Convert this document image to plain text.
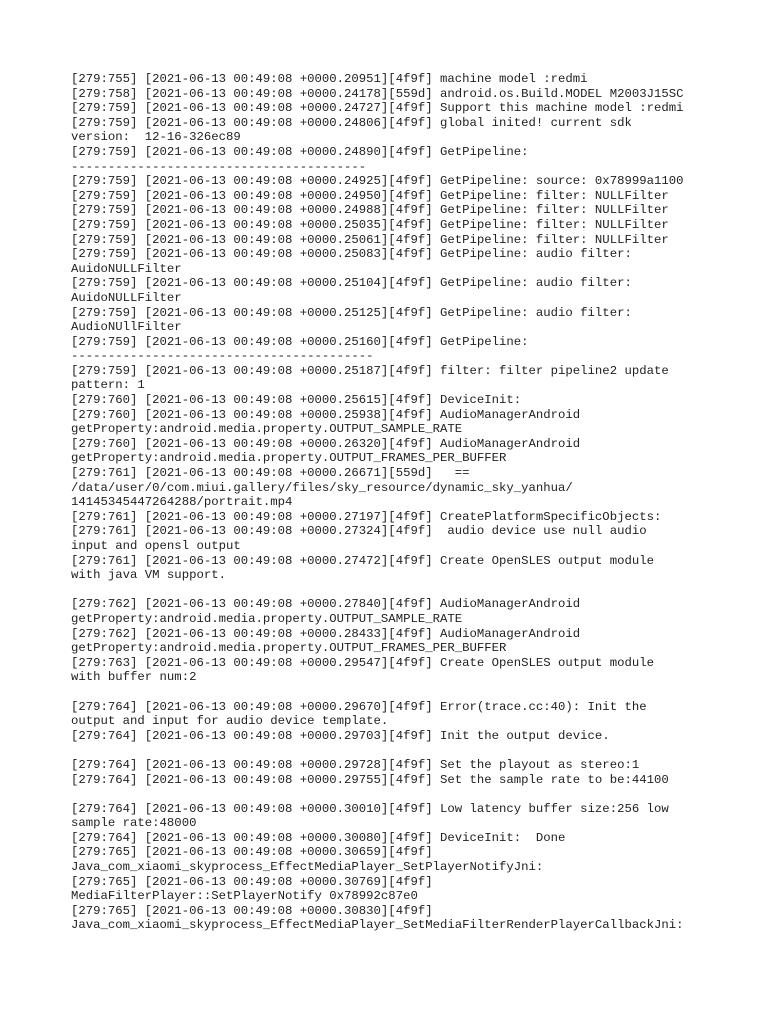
[279:755] [2021-06-13 00:49:08 +0000.20951][4f9f] machine model :redmi
[279:758] [2021-06-13 00:49:08 +0000.24178][559d] android.os.Build.MODEL M2003J15SC
[279:759] [2021-06-13 00:49:08 +0000.24727][4f9f] Support this machine model :redmi
[279:759] [2021-06-13 00:49:08 +0000.24806][4f9f] global inited! current sdk
version:  12-16-326ec89
[279:759] [2021-06-13 00:49:08 +0000.24890][4f9f] GetPipeline:
----------------------------------------
[279:759] [2021-06-13 00:49:08 +0000.24925][4f9f] GetPipeline: source: 0x78999a1100
[279:759] [2021-06-13 00:49:08 +0000.24950][4f9f] GetPipeline: filter: NULLFilter
[279:759] [2021-06-13 00:49:08 +0000.24988][4f9f] GetPipeline: filter: NULLFilter
[279:759] [2021-06-13 00:49:08 +0000.25035][4f9f] GetPipeline: filter: NULLFilter
[279:759] [2021-06-13 00:49:08 +0000.25061][4f9f] GetPipeline: filter: NULLFilter
[279:759] [2021-06-13 00:49:08 +0000.25083][4f9f] GetPipeline: audio filter:
AuidoNULLFilter
[279:759] [2021-06-13 00:49:08 +0000.25104][4f9f] GetPipeline: audio filter:
AuidoNULLFilter
[279:759] [2021-06-13 00:49:08 +0000.25125][4f9f] GetPipeline: audio filter:
AudioNUllFilter
[279:759] [2021-06-13 00:49:08 +0000.25160][4f9f] GetPipeline:
-----------------------------------------
[279:759] [2021-06-13 00:49:08 +0000.25187][4f9f] filter: filter pipeline2 update
pattern: 1
[279:760] [2021-06-13 00:49:08 +0000.25615][4f9f] DeviceInit:
[279:760] [2021-06-13 00:49:08 +0000.25938][4f9f] AudioManagerAndroid
getProperty:android.media.property.OUTPUT_SAMPLE_RATE
[279:760] [2021-06-13 00:49:08 +0000.26320][4f9f] AudioManagerAndroid
getProperty:android.media.property.OUTPUT_FRAMES_PER_BUFFER
[279:761] [2021-06-13 00:49:08 +0000.26671][559d]   ==
/data/user/0/com.miui.gallery/files/sky_resource/dynamic_sky_yanhua/
14145345447264288/portrait.mp4
[279:761] [2021-06-13 00:49:08 +0000.27197][4f9f] CreatePlatformSpecificObjects:
[279:761] [2021-06-13 00:49:08 +0000.27324][4f9f]  audio device use null audio
input and opensl output
[279:761] [2021-06-13 00:49:08 +0000.27472][4f9f] Create OpenSLES output module
with java VM support.
[279:762] [2021-06-13 00:49:08 +0000.27840][4f9f] AudioManagerAndroid
getProperty:android.media.property.OUTPUT_SAMPLE_RATE
[279:762] [2021-06-13 00:49:08 +0000.28433][4f9f] AudioManagerAndroid
getProperty:android.media.property.OUTPUT_FRAMES_PER_BUFFER
[279:763] [2021-06-13 00:49:08 +0000.29547][4f9f] Create OpenSLES output module
with buffer num:2
[279:764] [2021-06-13 00:49:08 +0000.29670][4f9f] Error(trace.cc:40): Init the
output and input for audio device template.
[279:764] [2021-06-13 00:49:08 +0000.29703][4f9f] Init the output device.
[279:764] [2021-06-13 00:49:08 +0000.29728][4f9f] Set the playout as stereo:1
[279:764] [2021-06-13 00:49:08 +0000.29755][4f9f] Set the sample rate to be:44100
[279:764] [2021-06-13 00:49:08 +0000.30010][4f9f] Low latency buffer size:256 low
sample rate:48000
[279:764] [2021-06-13 00:49:08 +0000.30080][4f9f] DeviceInit:  Done
[279:765] [2021-06-13 00:49:08 +0000.30659][4f9f]
Java_com_xiaomi_skyprocess_EffectMediaPlayer_SetPlayerNotifyJni:
[279:765] [2021-06-13 00:49:08 +0000.30769][4f9f]
MediaFilterPlayer::SetPlayerNotify 0x78992c87e0
[279:765] [2021-06-13 00:49:08 +0000.30830][4f9f]
Java_com_xiaomi_skyprocess_EffectMediaPlayer_SetMediaFilterRenderPlayerCallbackJni:
